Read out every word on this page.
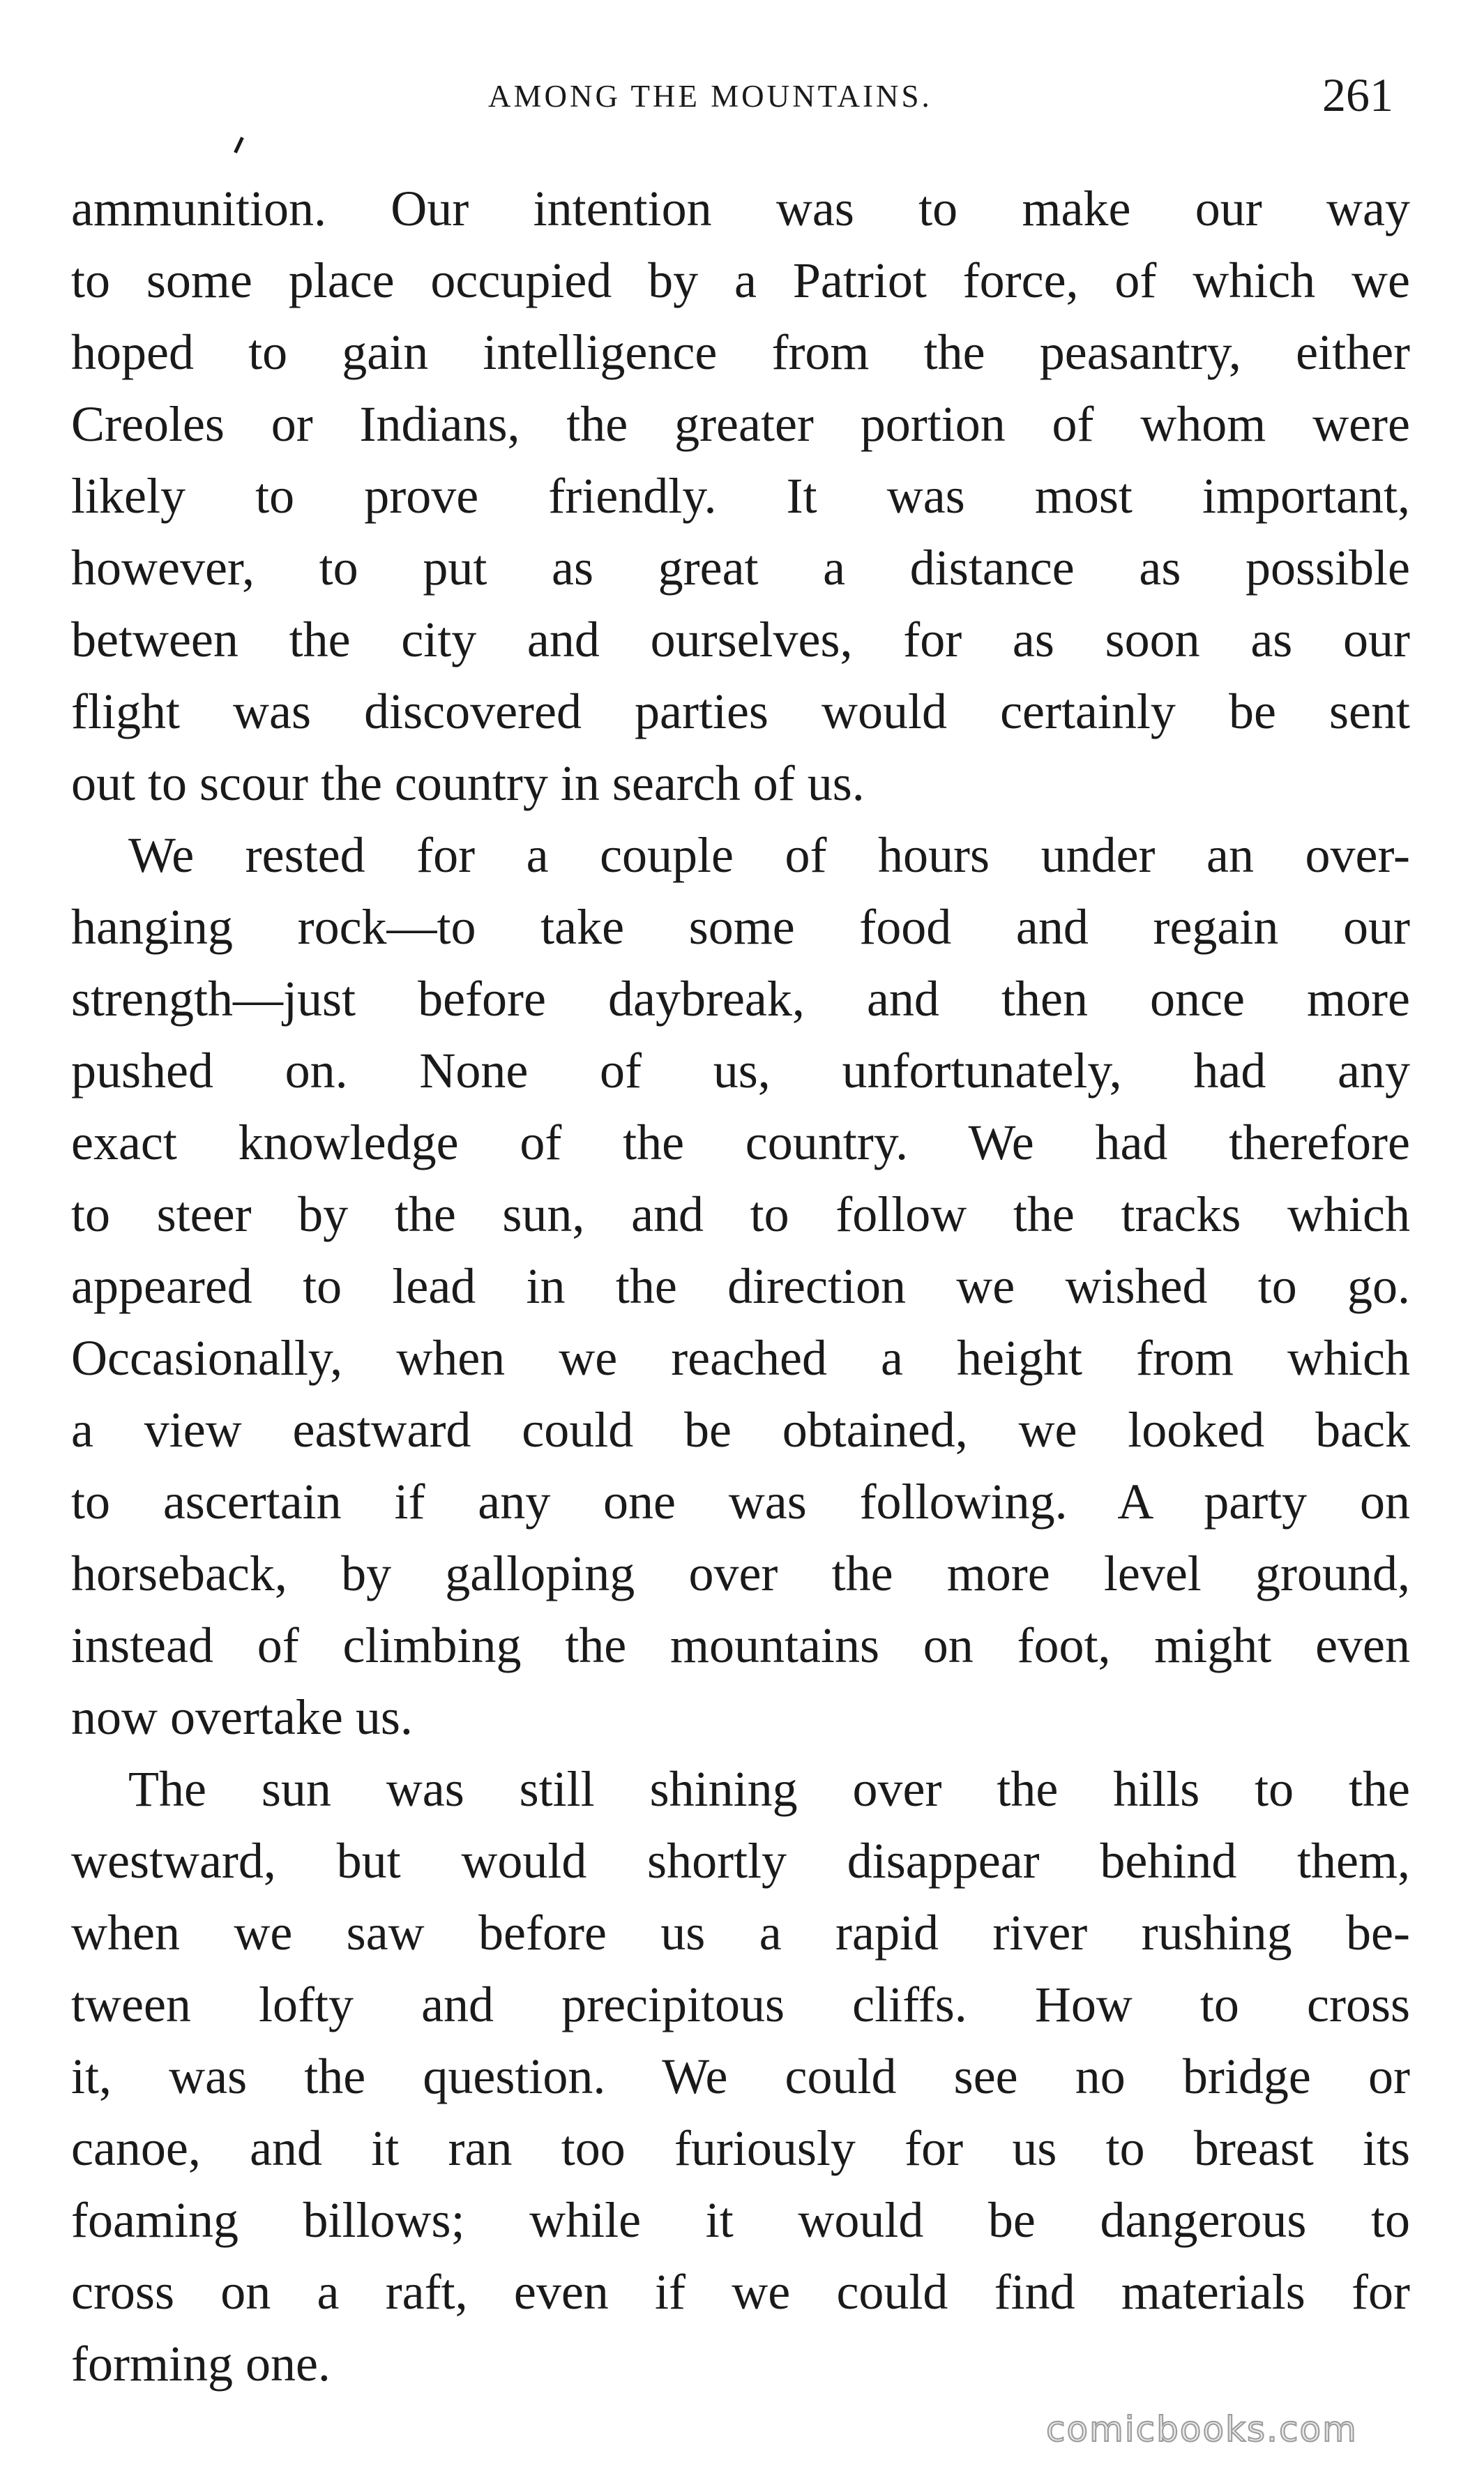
AMONG THE MOUNTAINS.	261
ammunition. Our intention was to make our way
to some place occupied by a Patriot force, of which we
hoped to gain intelligence from the peasantry, either
Creoles or Indians, the greater portion of whom were
likely to prove friendly. It was most important,
however, to put as great a distance as possible
between the city and ourselves, for as soon as our
flight was discovered parties would certainly be sent
out to scour the country in search of us.
We rested for a couple of hours under an over-
hanging rock—to take some food and regain our
strength—just before daybreak, and then once more
pushed on. None of us, unfortunately, had any
exact knowledge of the country. We had therefore
to steer by the sun, and to follow the tracks which
appeared to lead in the direction we wished to go.
Occasionally, when we reached a height from which
a view eastward could be obtained, we looked back
to ascertain if any one was following. A party on
horseback, by galloping over the more level ground,
instead of climbing the mountains on foot, might even
now overtake us.
The sun was still shining over the hills to the
westward, but would shortly disappear behind them,
when we saw before us a rapid river rushing be-
tween lofty and precipitous cliffs. How to cross
it, was the question. We could see no bridge or
canoe, and it ran too furiously for us to breast its
foaming billows; while it would be dangerous to
cross on a raft, even if we could find materials for
forming one.
comicbooks.com
